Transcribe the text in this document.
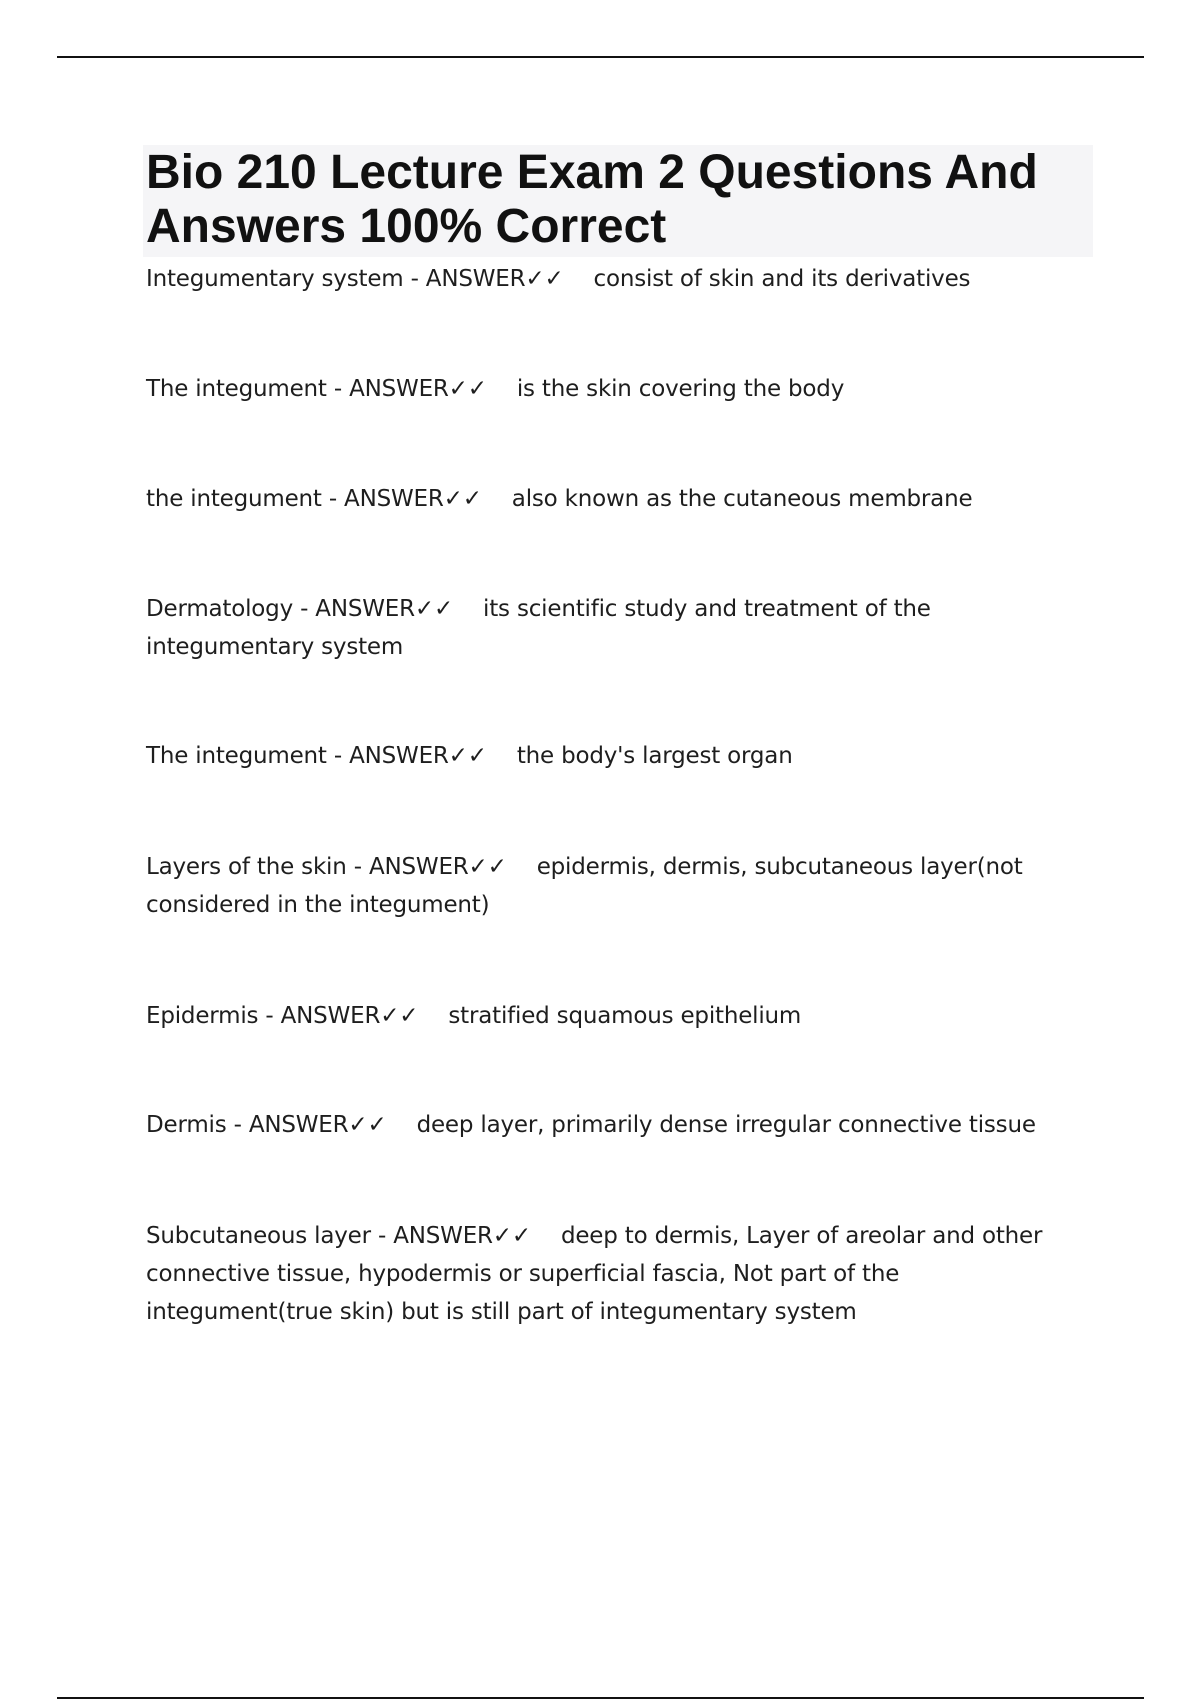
Bio 210 Lecture Exam 2 Questions And Answers 100% Correct

Integumentary system - ANSWER✓✓ consist of skin and its derivatives

The integument - ANSWER✓✓ is the skin covering the body

the integument - ANSWER✓✓ also known as the cutaneous membrane

Dermatology - ANSWER✓✓ its scientific study and treatment of the integumentary system

The integument - ANSWER✓✓ the body's largest organ

Layers of the skin - ANSWER✓✓ epidermis, dermis, subcutaneous layer(not considered in the integument)

Epidermis - ANSWER✓✓ stratified squamous epithelium

Dermis - ANSWER✓✓ deep layer, primarily dense irregular connective tissue

Subcutaneous layer - ANSWER✓✓ deep to dermis, Layer of areolar and other connective tissue, hypodermis or superficial fascia, Not part of the integument(true skin) but is still part of integumentary system
